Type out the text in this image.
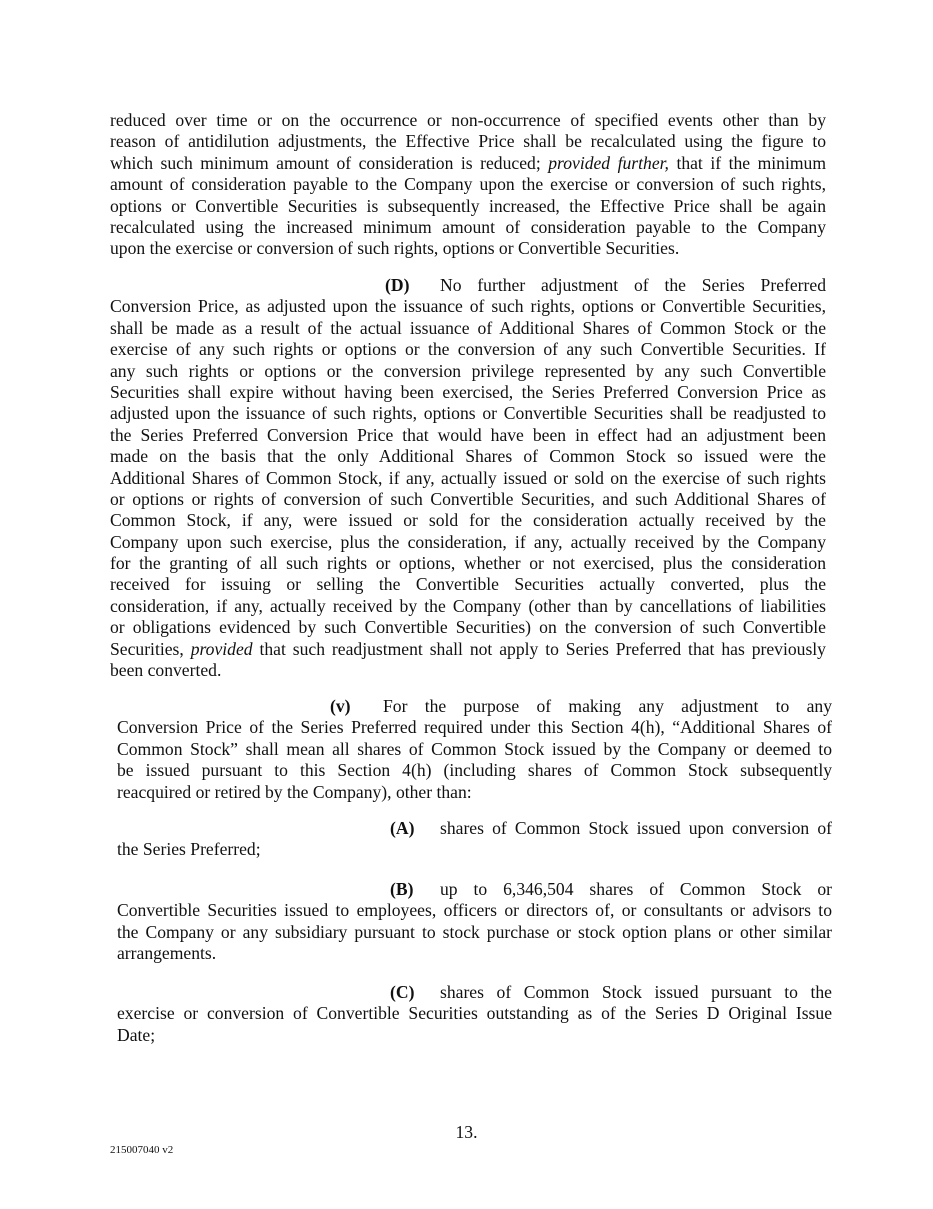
reduced over time or on the occurrence or non-occurrence of specified events other than by
reason of antidilution adjustments, the Effective Price shall be recalculated using the figure to
which such minimum amount of consideration is reduced; provided further, that if the minimum
amount of consideration payable to the Company upon the exercise or conversion of such rights,
options or Convertible Securities is subsequently increased, the Effective Price shall be again
recalculated using the increased minimum amount of consideration payable to the Company
upon the exercise or conversion of such rights, options or Convertible Securities.
(D)	No further adjustment of the Series Preferred
Conversion Price, as adjusted upon the issuance of such rights, options or Convertible Securities,
shall be made as a result of the actual issuance of Additional Shares of Common Stock or the
exercise of any such rights or options or the conversion of any such Convertible Securities. If
any such rights or options or the conversion privilege represented by any such Convertible
Securities shall expire without having been exercised, the Series Preferred Conversion Price as
adjusted upon the issuance of such rights, options or Convertible Securities shall be readjusted to
the Series Preferred Conversion Price that would have been in effect had an adjustment been
made on the basis that the only Additional Shares of Common Stock so issued were the
Additional Shares of Common Stock, if any, actually issued or sold on the exercise of such rights
or options or rights of conversion of such Convertible Securities, and such Additional Shares of
Common Stock, if any, were issued or sold for the consideration actually received by the
Company upon such exercise, plus the consideration, if any, actually received by the Company
for the granting of all such rights or options, whether or not exercised, plus the consideration
received for issuing or selling the Convertible Securities actually converted, plus the
consideration, if any, actually received by the Company (other than by cancellations of liabilities
or obligations evidenced by such Convertible Securities) on the conversion of such Convertible
Securities, provided that such readjustment shall not apply to Series Preferred that has previously
been converted.
(v)	For the purpose of making any adjustment to any
Conversion Price of the Series Preferred required under this Section 4(h), “Additional Shares of
Common Stock” shall mean all shares of Common Stock issued by the Company or deemed to
be issued pursuant to this Section 4(h) (including shares of Common Stock subsequently
reacquired or retired by the Company), other than:
(A)	shares of Common Stock issued upon conversion of
the Series Preferred;
(B)	up to 6,346,504 shares of Common Stock or
Convertible Securities issued to employees, officers or directors of, or consultants or advisors to
the Company or any subsidiary pursuant to stock purchase or stock option plans or other similar
arrangements.
(C)	shares of Common Stock issued pursuant to the
exercise or conversion of Convertible Securities outstanding as of the Series D Original Issue
Date;
13.
215007040 v2
